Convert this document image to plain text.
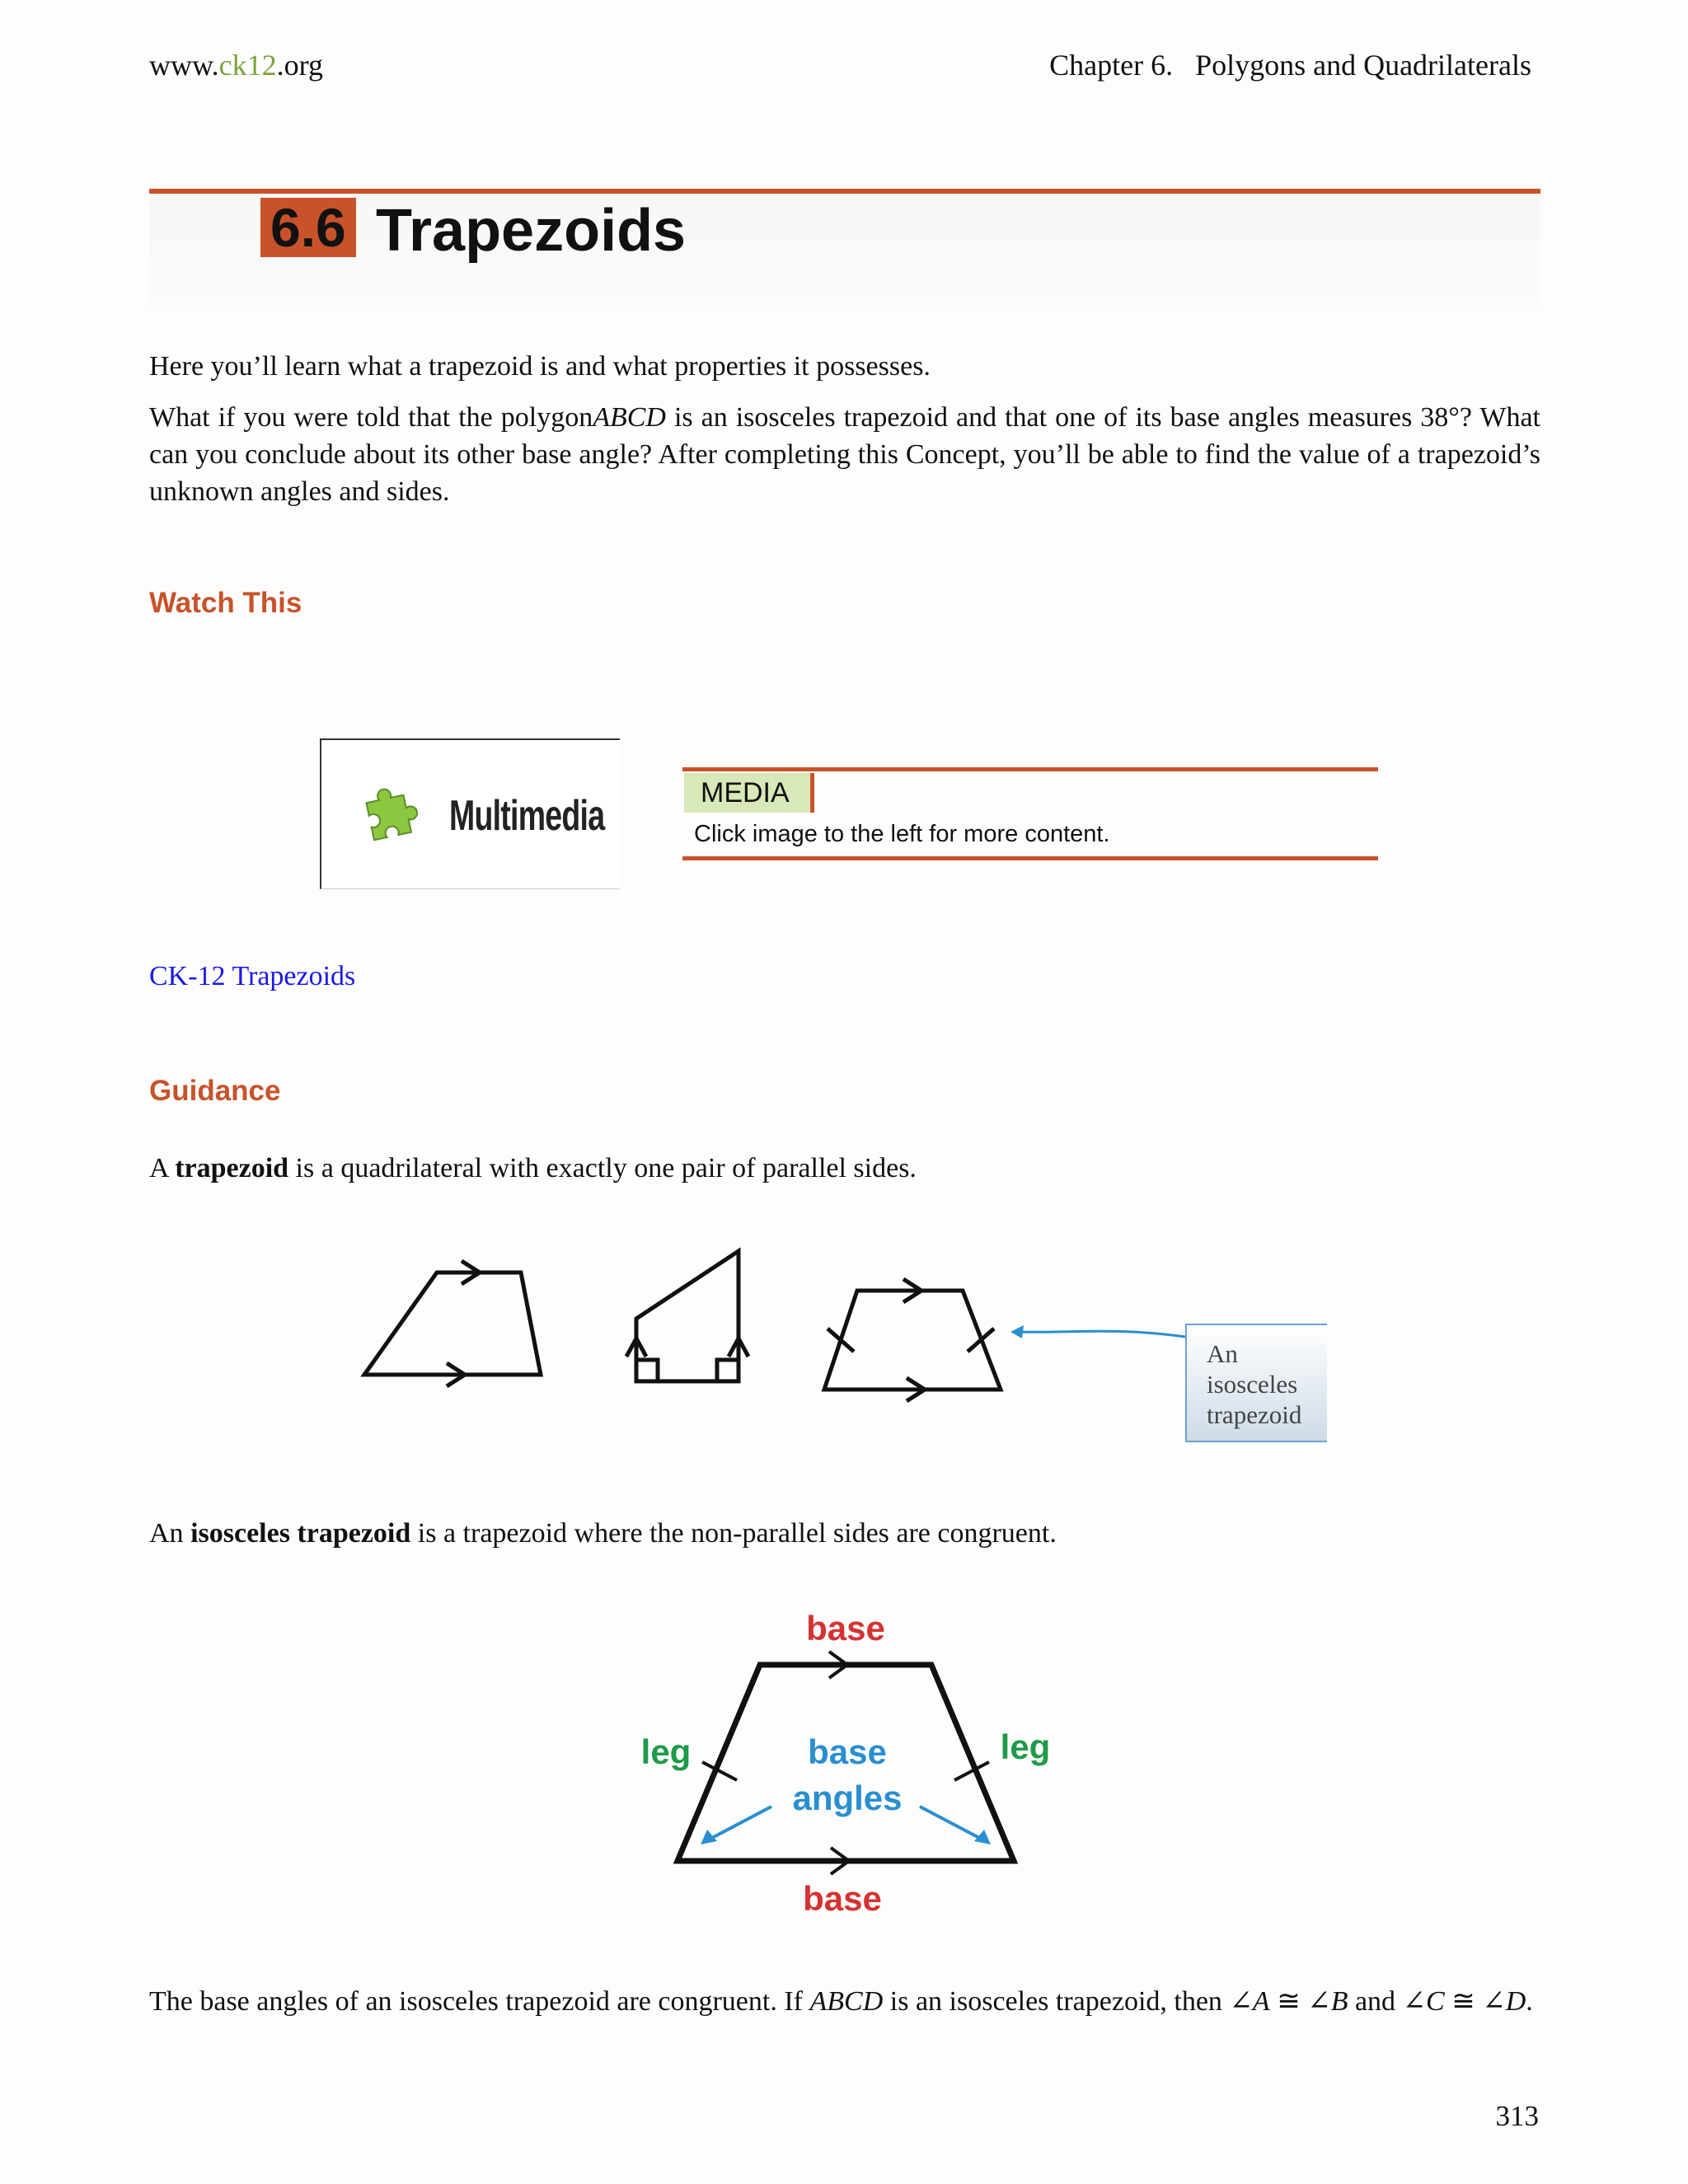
www.ck12.org	Chapter 6.   Polygons and Quadrilaterals
6.6 Trapezoids
Here you’ll learn what a trapezoid is and what properties it possesses.
What if you were told that the polygonABCD is an isosceles trapezoid and that one of its base angles measures 38°? What can you conclude about its other base angle? After completing this Concept, you’ll be able to find the value of a trapezoid’s unknown angles and sides.
Watch This
Multimedia	MEDIA
Click image to the left for more content.
CK-12 Trapezoids
Guidance
A trapezoid is a quadrilateral with exactly one pair of parallel sides.
An
isosceles
trapezoid
An isosceles trapezoid is a trapezoid where the non-parallel sides are congruent.
base
base
leg	leg
base
angles
The base angles of an isosceles trapezoid are congruent. If ABCD is an isosceles trapezoid, then ∠A ≅ ∠B and ∠C ≅ ∠D.
313
